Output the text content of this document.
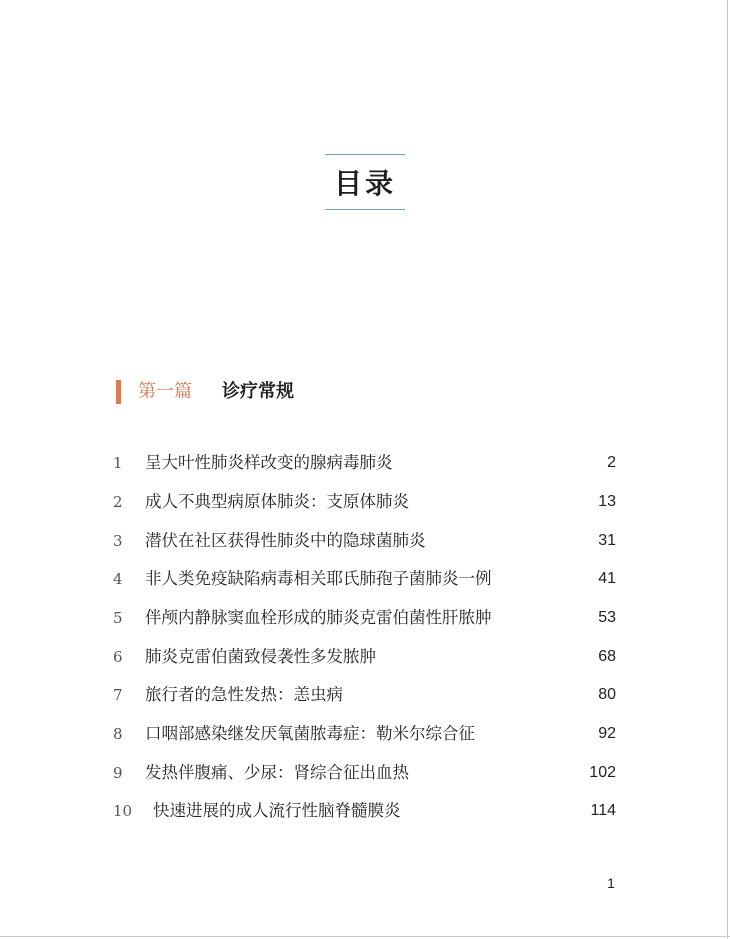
目录
第一篇 诊疗常规
1	呈大叶性肺炎样改变的腺病毒肺炎	2
2	成人不典型病原体肺炎：支原体肺炎	13
3	潜伏在社区获得性肺炎中的隐球菌肺炎	31
4	非人类免疫缺陷病毒相关耶氏肺孢子菌肺炎一例	41
5	伴颅内静脉窦血栓形成的肺炎克雷伯菌性肝脓肿	53
6	肺炎克雷伯菌致侵袭性多发脓肿	68
7	旅行者的急性发热：恙虫病	80
8	口咽部感染继发厌氧菌脓毒症：勒米尔综合征	92
9	发热伴腹痛、少尿：肾综合征出血热	102
10	快速进展的成人流行性脑脊髓膜炎	114
1
